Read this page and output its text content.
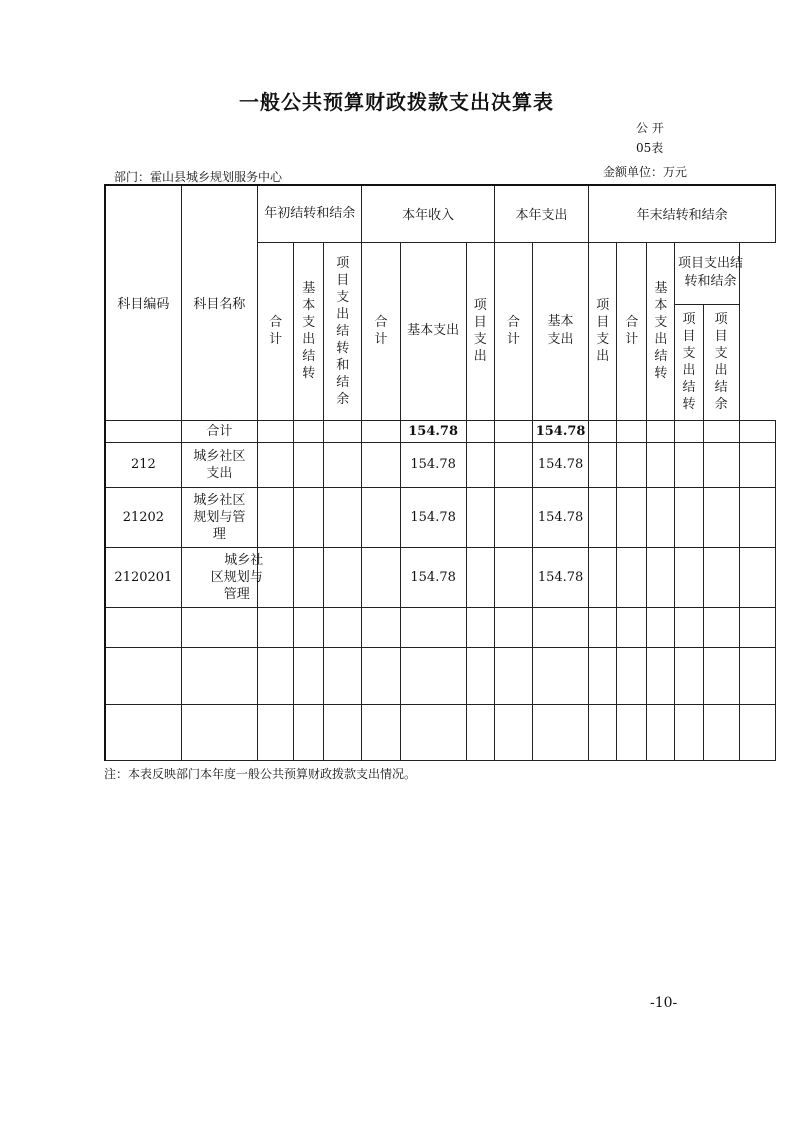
一般公共预算财政拨款支出决算表
公 开
05表
部门：霍山县城乡规划服务中心	金额单位：万元
科目编码	科目名称	年初结转和结余			本年收入			本年支出		年末结转和结余					
		合计	基本支出结转	项目支出结转和结余	合计	基本支出	项目支出	合计	基本支出	项目支出	合计	基本支出结转	项目支出结转和结余		
													项目支出结转	项目支出结余	
	合计					154.78			154.78						
212	城乡社区支出					154.78			154.78						
21202	城乡社区规划与管理					154.78			154.78						
2120201	城乡社区规划与管理					154.78			154.78						

注：本表反映部门本年度一般公共预算财政拨款支出情况。
-10-
